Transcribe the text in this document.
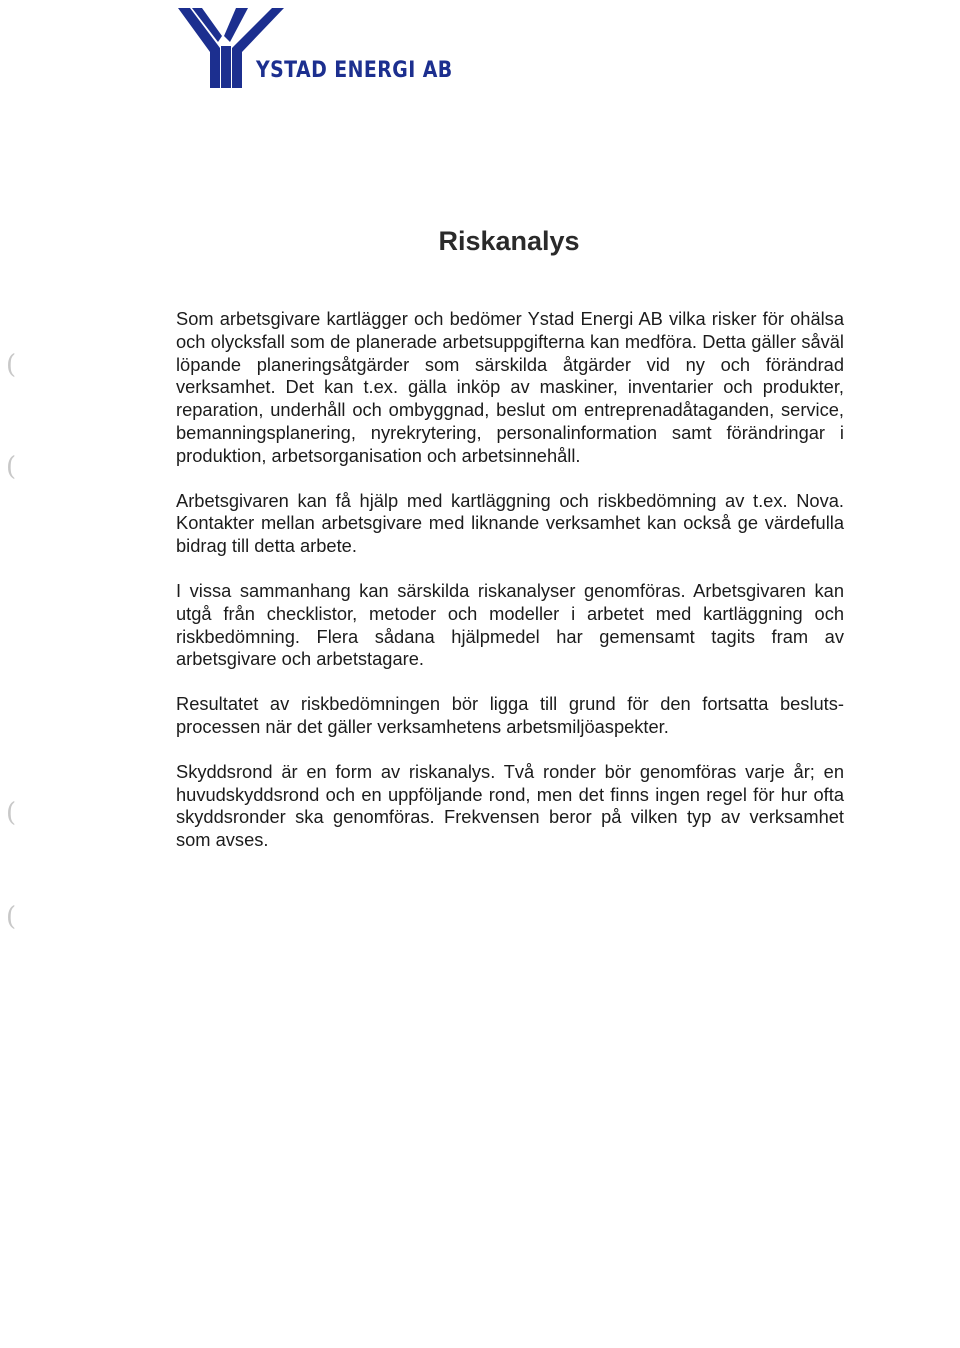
YSTAD ENERGI AB
Riskanalys

Som arbetsgivare kartlägger och bedömer Ystad Energi AB vilka risker för ohälsa och olycksfall som de planerade arbetsuppgifterna kan medföra. Detta gäller såväl löpande planeringsåtgärder som särskilda åtgärder vid ny och förändrad verksamhet. Det kan t.ex. gälla inköp av maskiner, inventarier och produkter, reparation, underhåll och ombyggnad, beslut om entreprenadåtaganden, service, bemanningsplanering, nyrekrytering, personalinformation samt förändringar i produktion, arbetsorganisation och arbetsinnehåll.

Arbetsgivaren kan få hjälp med kartläggning och riskbedömning av t.ex. Nova. Kontakter mellan arbetsgivare med liknande verksamhet kan också ge värdefulla bidrag till detta arbete.

I vissa sammanhang kan särskilda riskanalyser genomföras. Arbetsgivaren kan utgå från checklistor, metoder och modeller i arbetet med kartläggning och riskbedömning. Flera sådana hjälpmedel har gemensamt tagits fram av arbetsgivare och arbetstagare.

Resultatet av riskbedömningen bör ligga till grund för den fortsatta besluts-processen när det gäller verksamhetens arbetsmiljöaspekter.

Skyddsrond är en form av riskanalys. Två ronder bör genomföras varje år; en huvudskyddsrond och en uppföljande rond, men det finns ingen regel för hur ofta skyddsronder ska genomföras. Frekvensen beror på vilken typ av verksamhet som avses.

(
(
(
(
